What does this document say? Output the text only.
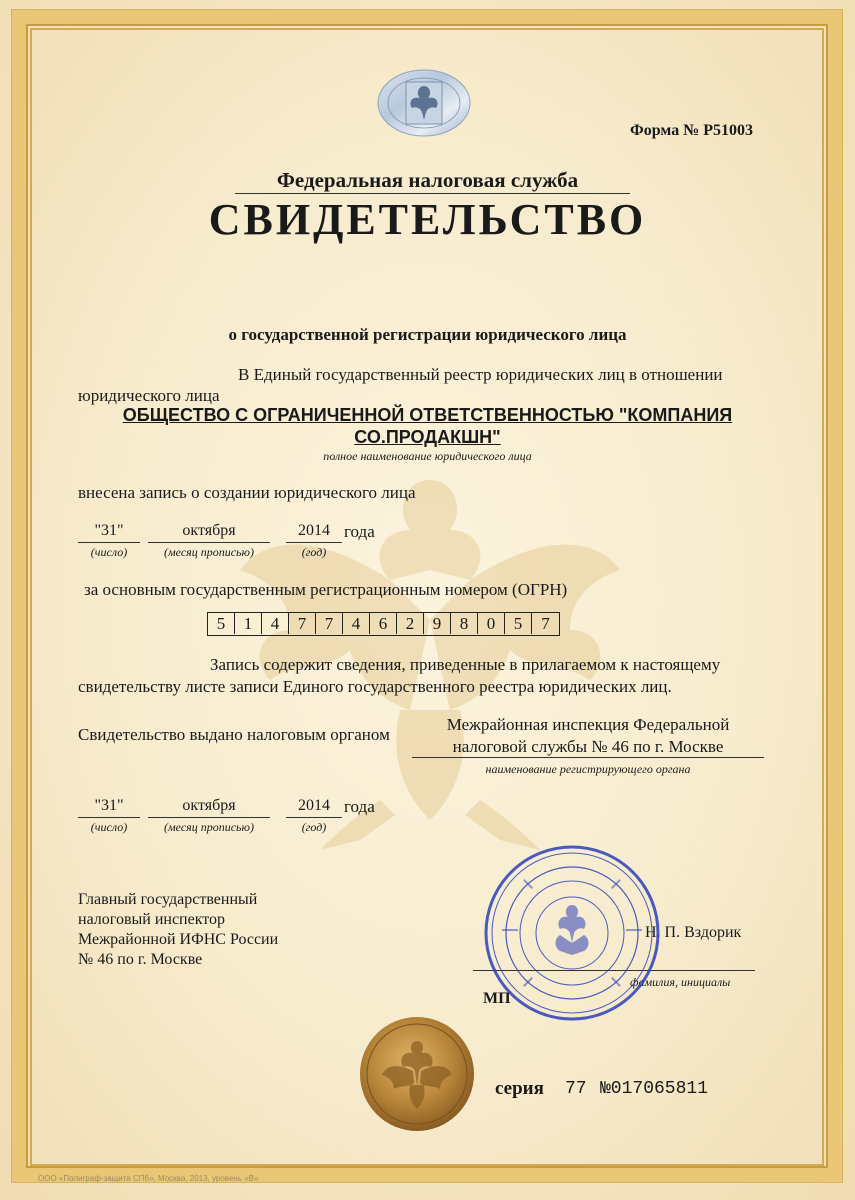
Форма № Р51003
Федеральная налоговая служба
СВИДЕТЕЛЬСТВО
о государственной регистрации юридического лица
В Единый государственный реестр юридических лиц в отношении
юридического лица
ОБЩЕСТВО С ОГРАНИЧЕННОЙ ОТВЕТСТВЕННОСТЬЮ "КОМПАНИЯ
СО.ПРОДАКШН"
полное наименование юридического лица
внесена запись о создании юридического лица
"31"
(число)
октября
(месяц прописью)
2014
(год)
года
за основным государственным регистрационным номером (ОГРН)
5	1	4	7	7	4	6	2	9	8	0	5	7
Запись содержит сведения, приведенные в прилагаемом к настоящему
свидетельству листе записи Единого государственного реестра юридических лиц.
Свидетельство выдано налоговым органом
Межрайонная инспекция Федеральной
налоговой службы № 46 по г. Москве
наименование регистрирующего органа
"31"
(число)
октября
(месяц прописью)
2014
(год)
года
Главный государственный
налоговый инспектор
Межрайонной ИФНС России
№ 46 по г. Москве
Н. П. Вздорик
фамилия, инициалы
МП
серия 77 №017065811
ООО «Полиграф-защита СПб», Москва, 2013, уровень «В»
